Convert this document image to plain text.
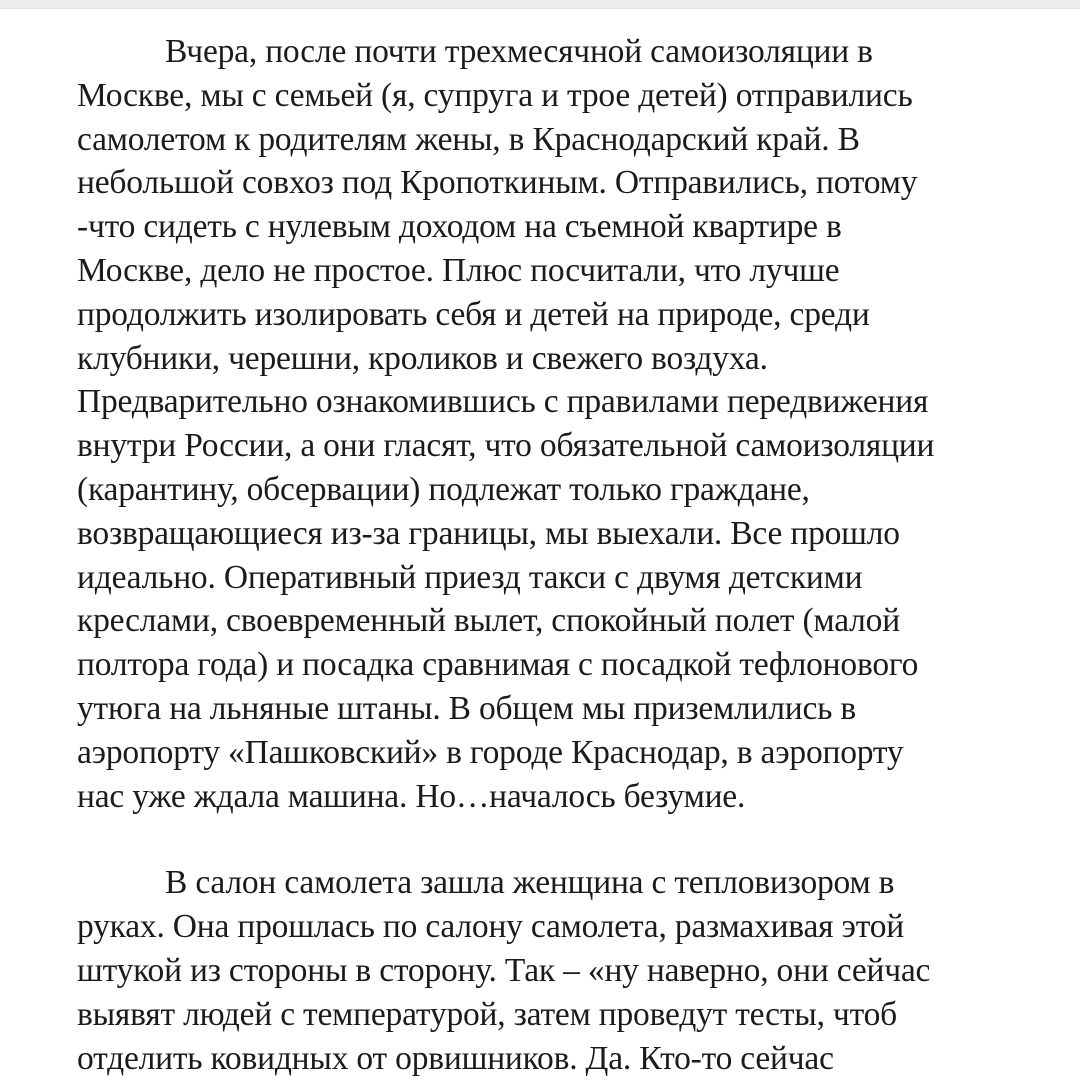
Вчера, после почти трехмесячной самоизоляции в
Москве, мы с семьей (я, супруга и трое детей) отправились
самолетом к родителям жены, в Краснодарский край. В
небольшой совхоз под Кропоткиным. Отправились, потому
-что сидеть с нулевым доходом на съемной квартире в
Москве, дело не простое. Плюс посчитали, что лучше
продолжить изолировать себя и детей на природе, среди
клубники, черешни, кроликов и свежего воздуха.
Предварительно ознакомившись с правилами передвижения
внутри России, а они гласят, что обязательной самоизоляции
(карантину, обсервации) подлежат только граждане,
возвращающиеся из-за границы, мы выехали. Все прошло
идеально. Оперативный приезд такси с двумя детскими
креслами, своевременный вылет, спокойный полет (малой
полтора года) и посадка сравнимая с посадкой тефлонового
утюга на льняные штаны. В общем мы приземлились в
аэропорту «Пашковский» в городе Краснодар, в аэропорту
нас уже ждала машина. Но…началось безумие.
В салон самолета зашла женщина с тепловизором в
руках. Она прошлась по салону самолета, размахивая этой
штукой из стороны в сторону. Так – «ну наверно, они сейчас
выявят людей с температурой, затем проведут тесты, чтоб
отделить ковидных от орвишников. Да. Кто-то сейчас
